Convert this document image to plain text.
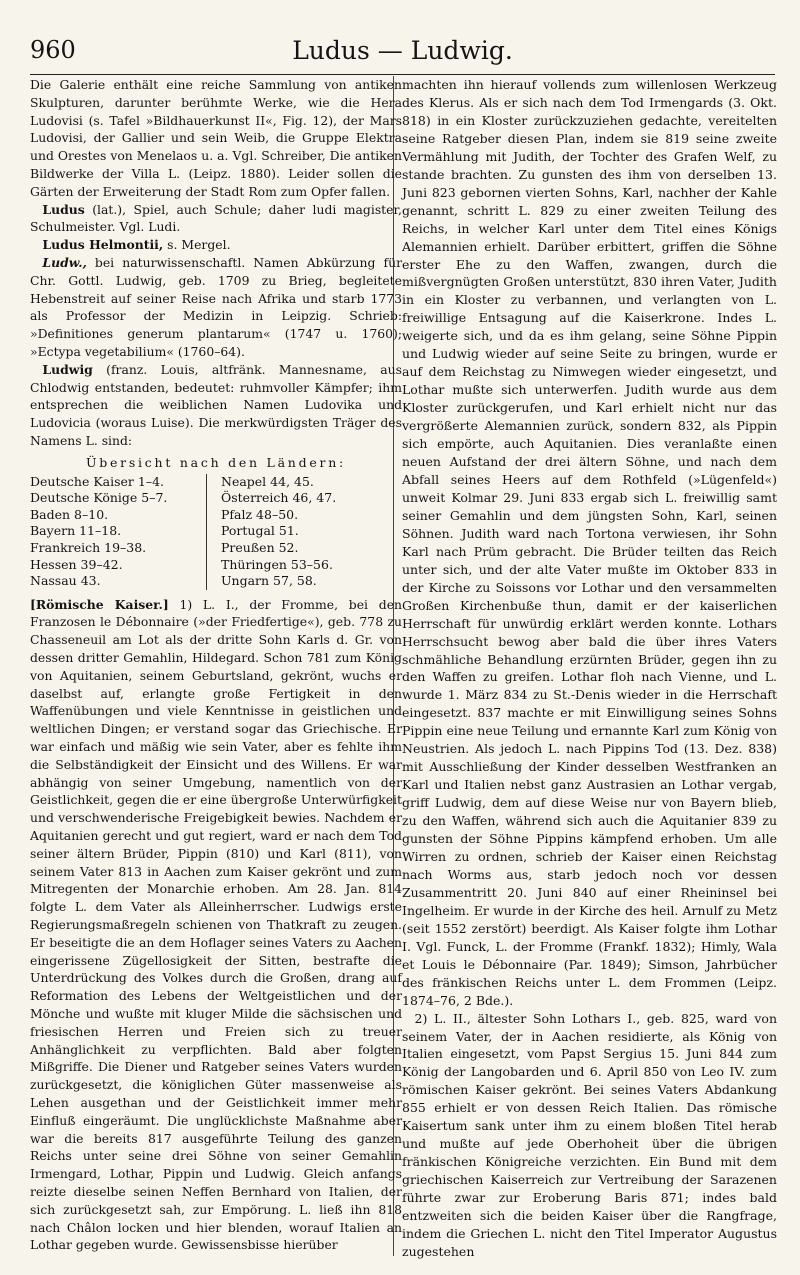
960	Ludus — Ludwig.

Die Galerie enthält eine reiche Sammlung von antiken Skulpturen, darunter berühmte Werke, wie die Hera Ludovisi (s. Tafel »Bildhauerkunst II«, Fig. 12), der Mars Ludovisi, der Gallier und sein Weib, die Gruppe Elektra und Orestes von Menelaos u. a. Vgl. Schreiber, Die antiken Bildwerke der Villa L. (Leipz. 1880). Leider sollen die Gärten der Erweiterung der Stadt Rom zum Opfer fallen.

Ludus (lat.), Spiel, auch Schule; daher ludi magister, Schulmeister. Vgl. Ludi.

Ludus Helmontii, s. Mergel.

Ludw., bei naturwissenschaftl. Namen Abkürzung für Chr. Gottl. Ludwig, geb. 1709 zu Brieg, begleitete Hebenstreit auf seiner Reise nach Afrika und starb 1773 als Professor der Medizin in Leipzig. Schrieb: »Definitiones generum plantarum« (1747 u. 1760); »Ectypa vegetabilium« (1760–64).

Ludwig (franz. Louis, altfränk. Mannesname, aus Chlodwig entstanden, bedeutet: ruhmvoller Kämpfer; ihm entsprechen die weiblichen Namen Ludovika und Ludovicia (woraus Luise). Die merkwürdigsten Träger des Namens L. sind:

Übersicht nach den Ländern:
Deutsche Kaiser 1–4.
Deutsche Könige 5–7.
Baden 8–10.
Bayern 11–18.
Frankreich 19–38.
Hessen 39–42.
Nassau 43.
Neapel 44, 45.
Österreich 46, 47.
Pfalz 48–50.
Portugal 51.
Preußen 52.
Thüringen 53–56.
Ungarn 57, 58.

[Römische Kaiser.] 1) L. I., der Fromme, bei den Franzosen le Débonnaire (»der Friedfertige«), geb. 778 zu Chasseneuil am Lot als der dritte Sohn Karls d. Gr. von dessen dritter Gemahlin, Hildegard. Schon 781 zum König von Aquitanien, seinem Geburtsland, gekrönt, wuchs er daselbst auf, erlangte große Fertigkeit in den Waffenübungen und viele Kenntnisse in geistlichen und weltlichen Dingen; er verstand sogar das Griechische. Er war einfach und mäßig wie sein Vater, aber es fehlte ihm die Selbständigkeit der Einsicht und des Willens. Er war abhängig von seiner Umgebung, namentlich von der Geistlichkeit, gegen die er eine übergroße Unterwürfigkeit und verschwenderische Freigebigkeit bewies. Nachdem er Aquitanien gerecht und gut regiert, ward er nach dem Tod seiner ältern Brüder, Pippin (810) und Karl (811), von seinem Vater 813 in Aachen zum Kaiser gekrönt und zum Mitregenten der Monarchie erhoben. Am 28. Jan. 814 folgte L. dem Vater als Alleinherrscher. Ludwigs erste Regierungsmaßregeln schienen von Thatkraft zu zeugen. Er beseitigte die an dem Hoflager seines Vaters zu Aachen eingerissene Zügellosigkeit der Sitten, bestrafte die Unterdrückung des Volkes durch die Großen, drang auf Reformation des Lebens der Weltgeistlichen und der Mönche und wußte mit kluger Milde die sächsischen und friesischen Herren und Freien sich zu treuer Anhänglichkeit zu verpflichten. Bald aber folgten Mißgriffe. Die Diener und Ratgeber seines Vaters wurden zurückgesetzt, die königlichen Güter massenweise als Lehen ausgethan und der Geistlichkeit immer mehr Einfluß eingeräumt. Die unglücklichste Maßnahme aber war die bereits 817 ausgeführte Teilung des ganzen Reichs unter seine drei Söhne von seiner Gemahlin Irmengard, Lothar, Pippin und Ludwig. Gleich anfangs reizte dieselbe seinen Neffen Bernhard von Italien, der sich zurückgesetzt sah, zur Empörung. L. ließ ihn 818 nach Châlon locken und hier blenden, worauf Italien an Lothar gegeben wurde. Gewissensbisse hierüber

machten ihn hierauf vollends zum willenlosen Werkzeug des Klerus. Als er sich nach dem Tod Irmengards (3. Okt. 818) in ein Kloster zurückzuziehen gedachte, vereitelten seine Ratgeber diesen Plan, indem sie 819 seine zweite Vermählung mit Judith, der Tochter des Grafen Welf, zu stande brachten. Zu gunsten des ihm von derselben 13. Juni 823 gebornen vierten Sohns, Karl, nachher der Kahle genannt, schritt L. 829 zu einer zweiten Teilung des Reichs, in welcher Karl unter dem Titel eines Königs Alemannien erhielt. Darüber erbittert, griffen die Söhne erster Ehe zu den Waffen, zwangen, durch die mißvergnügten Großen unterstützt, 830 ihren Vater, Judith in ein Kloster zu verbannen, und verlangten von L. freiwillige Entsagung auf die Kaiserkrone. Indes L. weigerte sich, und da es ihm gelang, seine Söhne Pippin und Ludwig wieder auf seine Seite zu bringen, wurde er auf dem Reichstag zu Nimwegen wieder eingesetzt, und Lothar mußte sich unterwerfen. Judith wurde aus dem Kloster zurückgerufen, und Karl erhielt nicht nur das vergrößerte Alemannien zurück, sondern 832, als Pippin sich empörte, auch Aquitanien. Dies veranlaßte einen neuen Aufstand der drei ältern Söhne, und nach dem Abfall seines Heers auf dem Rothfeld (»Lügenfeld«) unweit Kolmar 29. Juni 833 ergab sich L. freiwillig samt seiner Gemahlin und dem jüngsten Sohn, Karl, seinen Söhnen. Judith ward nach Tortona verwiesen, ihr Sohn Karl nach Prüm gebracht. Die Brüder teilten das Reich unter sich, und der alte Vater mußte im Oktober 833 in der Kirche zu Soissons vor Lothar und den versammelten Großen Kirchenbuße thun, damit er der kaiserlichen Herrschaft für unwürdig erklärt werden konnte. Lothars Herrschsucht bewog aber bald die über ihres Vaters schmähliche Behandlung erzürnten Brüder, gegen ihn zu den Waffen zu greifen. Lothar floh nach Vienne, und L. wurde 1. März 834 zu St.-Denis wieder in die Herrschaft eingesetzt. 837 machte er mit Einwilligung seines Sohns Pippin eine neue Teilung und ernannte Karl zum König von Neustrien. Als jedoch L. nach Pippins Tod (13. Dez. 838) mit Ausschließung der Kinder desselben Westfranken an Karl und Italien nebst ganz Austrasien an Lothar vergab, griff Ludwig, dem auf diese Weise nur von Bayern blieb, zu den Waffen, während sich auch die Aquitanier 839 zu gunsten der Söhne Pippins kämpfend erhoben. Um alle Wirren zu ordnen, schrieb der Kaiser einen Reichstag nach Worms aus, starb jedoch noch vor dessen Zusammentritt 20. Juni 840 auf einer Rheininsel bei Ingelheim. Er wurde in der Kirche des heil. Arnulf zu Metz (seit 1552 zerstört) beerdigt. Als Kaiser folgte ihm Lothar I. Vgl. Funck, L. der Fromme (Frankf. 1832); Himly, Wala et Louis le Débonnaire (Par. 1849); Simson, Jahrbücher des fränkischen Reichs unter L. dem Frommen (Leipz. 1874–76, 2 Bde.).

2) L. II., ältester Sohn Lothars I., geb. 825, ward von seinem Vater, der in Aachen residierte, als König von Italien eingesetzt, vom Papst Sergius 15. Juni 844 zum König der Langobarden und 6. April 850 von Leo IV. zum römischen Kaiser gekrönt. Bei seines Vaters Abdankung 855 erhielt er von dessen Reich Italien. Das römische Kaisertum sank unter ihm zu einem bloßen Titel herab und mußte auf jede Oberhoheit über die übrigen fränkischen Königreiche verzichten. Ein Bund mit dem griechischen Kaiserreich zur Vertreibung der Sarazenen führte zwar zur Eroberung Baris 871; indes bald entzweiten sich die beiden Kaiser über die Rangfrage, indem die Griechen L. nicht den Titel Imperator Augustus zugestehen
